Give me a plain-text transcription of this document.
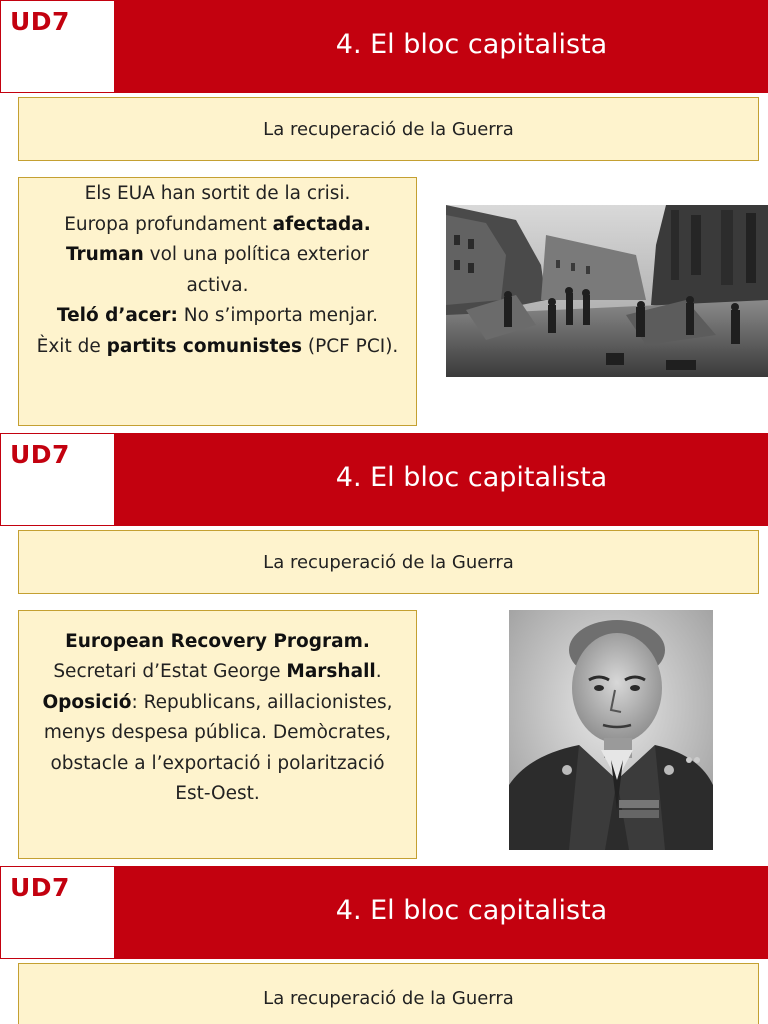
UD7
4. El bloc capitalista
La recuperació de la Guerra
Els EUA han sortit de la crisi.
Europa profundament afectada.
Truman vol una política exterior activa.
Teló d’acer: No s’importa menjar.
Èxit de partits comunistes (PCF PCI).
UD7
4. El bloc capitalista
La recuperació de la Guerra
European Recovery Program.
Secretari d’Estat George Marshall.
Oposició: Republicans, aillacionistes, menys despesa pública. Demòcrates, obstacle a l’exportació i polarització Est-Oest.
UD7
4. El bloc capitalista
La recuperació de la Guerra
